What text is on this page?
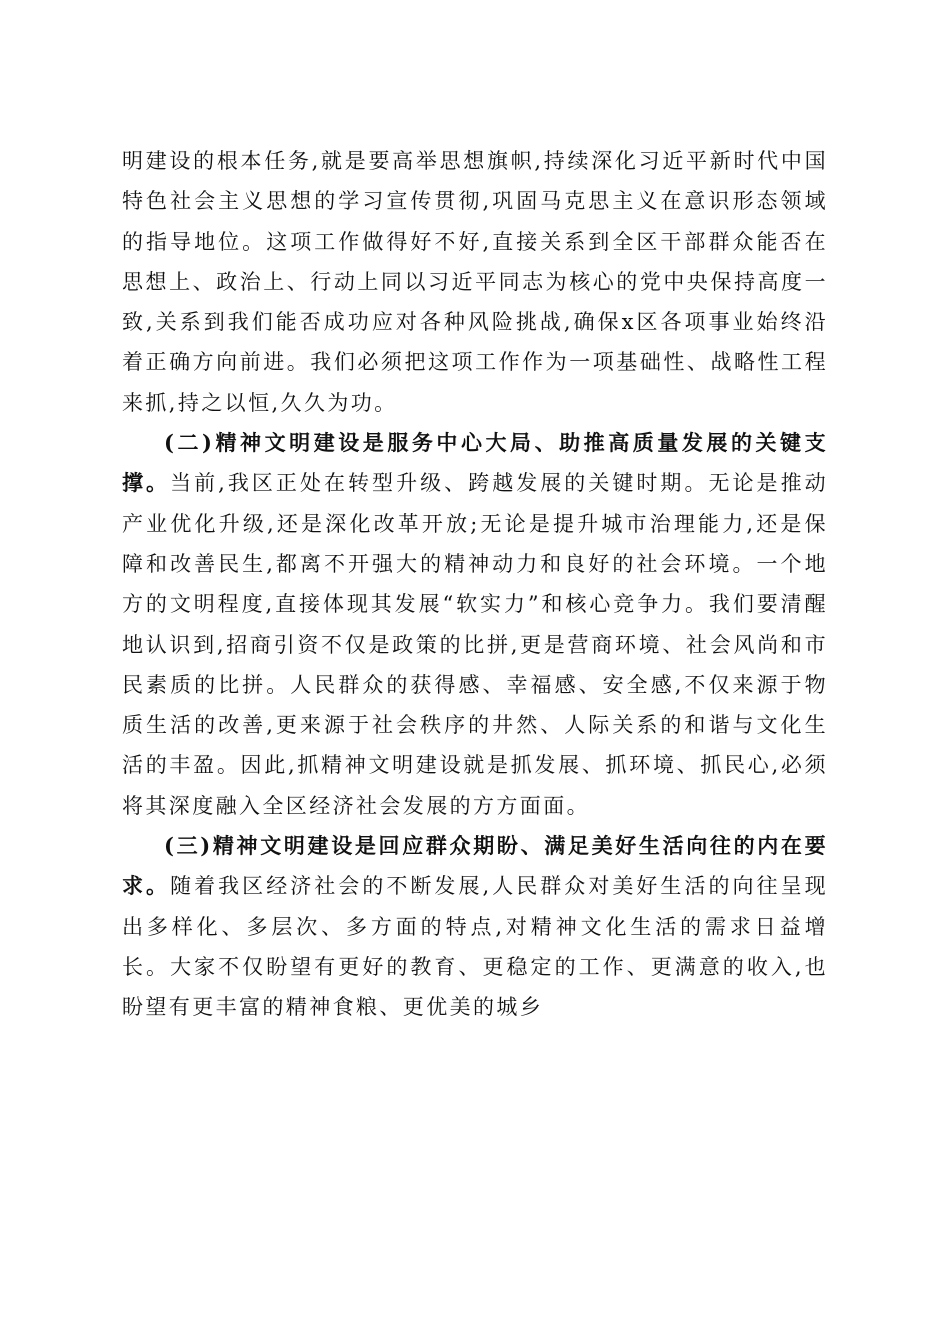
明建设的根本任务,就是要高举思想旗帜,持续深化习近平新时代中国特色社会主义思想的学习宣传贯彻,巩固马克思主义在意识形态领域的指导地位。这项工作做得好不好,直接关系到全区干部群众能否在思想上、政治上、行动上同以习近平同志为核心的党中央保持高度一致,关系到我们能否成功应对各种风险挑战,确保x区各项事业始终沿着正确方向前进。我们必须把这项工作作为一项基础性、战略性工程来抓,持之以恒,久久为功。

(二)精神文明建设是服务中心大局、助推高质量发展的关键支撑。当前,我区正处在转型升级、跨越发展的关键时期。无论是推动产业优化升级,还是深化改革开放;无论是提升城市治理能力,还是保障和改善民生,都离不开强大的精神动力和良好的社会环境。一个地方的文明程度,直接体现其发展“软实力”和核心竞争力。我们要清醒地认识到,招商引资不仅是政策的比拼,更是营商环境、社会风尚和市民素质的比拼。人民群众的获得感、幸福感、安全感,不仅来源于物质生活的改善,更来源于社会秩序的井然、人际关系的和谐与文化生活的丰盈。因此,抓精神文明建设就是抓发展、抓环境、抓民心,必须将其深度融入全区经济社会发展的方方面面。

(三)精神文明建设是回应群众期盼、满足美好生活向往的内在要求。随着我区经济社会的不断发展,人民群众对美好生活的向往呈现出多样化、多层次、多方面的特点,对精神文化生活的需求日益增长。大家不仅盼望有更好的教育、更稳定的工作、更满意的收入,也盼望有更丰富的精神食粮、更优美的城乡
